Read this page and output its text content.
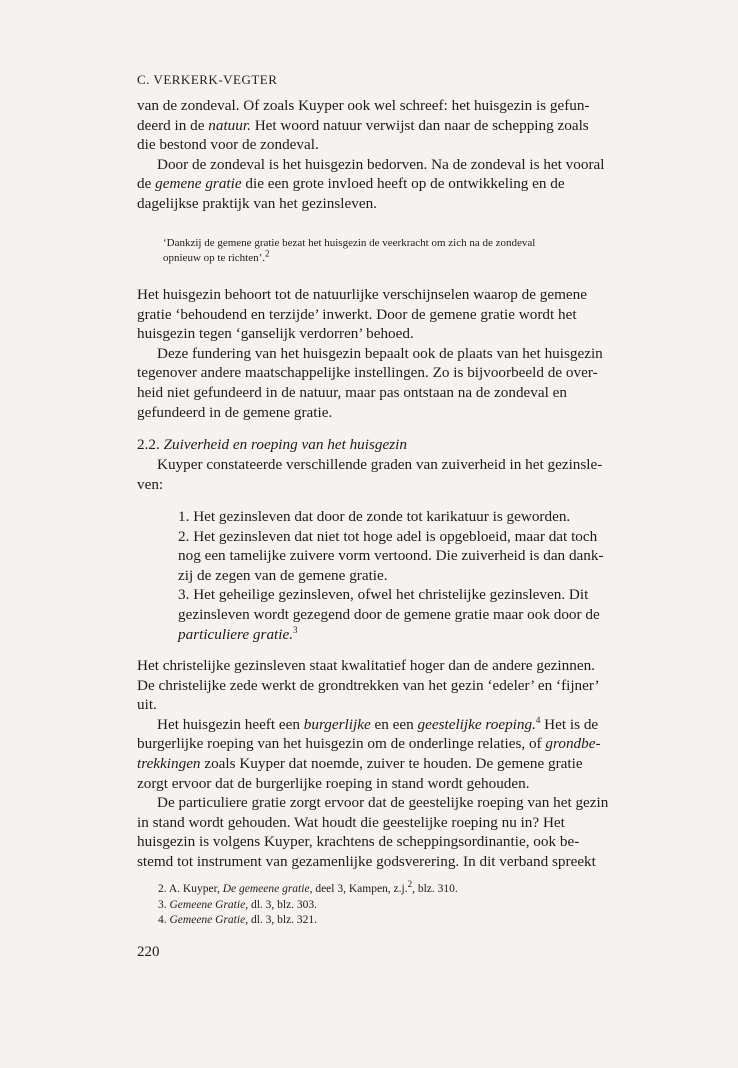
C. VERKERK-VEGTER

van de zondeval. Of zoals Kuyper ook wel schreef: het huisgezin is gefun-

deerd in de natuur. Het woord natuur verwijst dan naar de schepping zoals

die bestond voor de zondeval.

Door de zondeval is het huisgezin bedorven. Na de zondeval is het vooral

de gemene gratie die een grote invloed heeft op de ontwikkeling en de

dagelijkse praktijk van het gezinsleven.

‘Dankzij de gemene gratie bezat het huisgezin de veerkracht om zich na de zondeval

opnieuw op te richten’.$^2$

Het huisgezin behoort tot de natuurlijke verschijnselen waarop de gemene

gratie ‘behoudend en terzijde’ inwerkt. Door de gemene gratie wordt het

huisgezin tegen ‘ganselijk verdorren’ behoed.

Deze fundering van het huisgezin bepaalt ook de plaats van het huisgezin

tegenover andere maatschappelijke instellingen. Zo is bijvoorbeeld de over-

heid niet gefundeerd in de natuur, maar pas ontstaan na de zondeval en

gefundeerd in de gemene gratie.

2.2. Zuiverheid en roeping van het huisgezin

Kuyper constateerde verschillende graden van zuiverheid in het gezinsle-

ven:

1. Het gezinsleven dat door de zonde tot karikatuur is geworden.

2. Het gezinsleven dat niet tot hoge adel is opgebloeid, maar dat toch

nog een tamelijke zuivere vorm vertoond. Die zuiverheid is dan dank-

zij de zegen van de gemene gratie.

3. Het geheilige gezinsleven, ofwel het christelijke gezinsleven. Dit

gezinsleven wordt gezegend door de gemene gratie maar ook door de

particuliere gratie.$^3$

Het christelijke gezinsleven staat kwalitatief hoger dan de andere gezinnen.

De christelijke zede werkt de grondtrekken van het gezin ‘edeler’ en ‘fijner’

uit.

Het huisgezin heeft een burgerlijke en een geestelijke roeping.$^4$ Het is de

burgerlijke roeping van het huisgezin om de onderlinge relaties, of grondbe-

trekkingen zoals Kuyper dat noemde, zuiver te houden. De gemene gratie

zorgt ervoor dat de burgerlijke roeping in stand wordt gehouden.

De particuliere gratie zorgt ervoor dat de geestelijke roeping van het gezin

in stand wordt gehouden. Wat houdt die geestelijke roeping nu in? Het

huisgezin is volgens Kuyper, krachtens de scheppingsordinantie, ook be-

stemd tot instrument van gezamenlijke godsverering. In dit verband spreekt

2. A. Kuyper, De gemeene gratie, deel 3, Kampen, z.j.$^2$, blz. 310.

3. Gemeene Gratie, dl. 3, blz. 303.

4. Gemeene Gratie, dl. 3, blz. 321.

220
